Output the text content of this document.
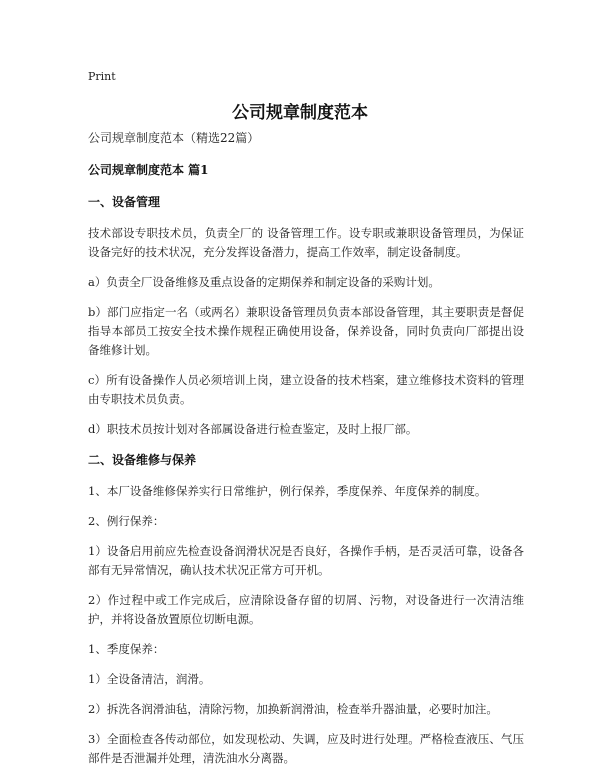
Print
公司规章制度范本

公司规章制度范本（精选22篇）

公司规章制度范本 篇1

一、设备管理

技术部设专职技术员，负责全厂的 设备管理工作。设专职或兼职设备管理员，为保证设备完好的技术状况，充分发挥设备潜力，提高工作效率，制定设备制度。

a）负责全厂设备维修及重点设备的定期保养和制定设备的采购计划。

b）部门应指定一名（或两名）兼职设备管理员负责本部设备管理，其主要职责是督促指导本部员工按安全技术操作规程正确使用设备，保养设备，同时负责向厂部提出设备维修计划。

c）所有设备操作人员必须培训上岗，建立设备的技术档案，建立维修技术资料的管理由专职技术员负责。

d）职技术员按计划对各部属设备进行检查鉴定，及时上报厂部。

二、设备维修与保养

1、本厂设备维修保养实行日常维护，例行保养，季度保养、年度保养的制度。

2、例行保养：

1）设备启用前应先检查设备润滑状况是否良好，各操作手柄，是否灵活可靠，设备各部有无异常情况，确认技术状况正常方可开机。

2）作过程中或工作完成后，应清除设备存留的切屑、污物，对设备进行一次清洁维护，并将设备放置原位切断电源。

1、季度保养：

1）全设备清洁，润滑。

2）拆洗各润滑油毡，清除污物，加换新润滑油，检查举升器油量，必要时加注。

3）全面检查各传动部位，如发现松动、失调，应及时进行处理。严格检查液压、气压部件是否泄漏并处理，清洗油水分离器。
